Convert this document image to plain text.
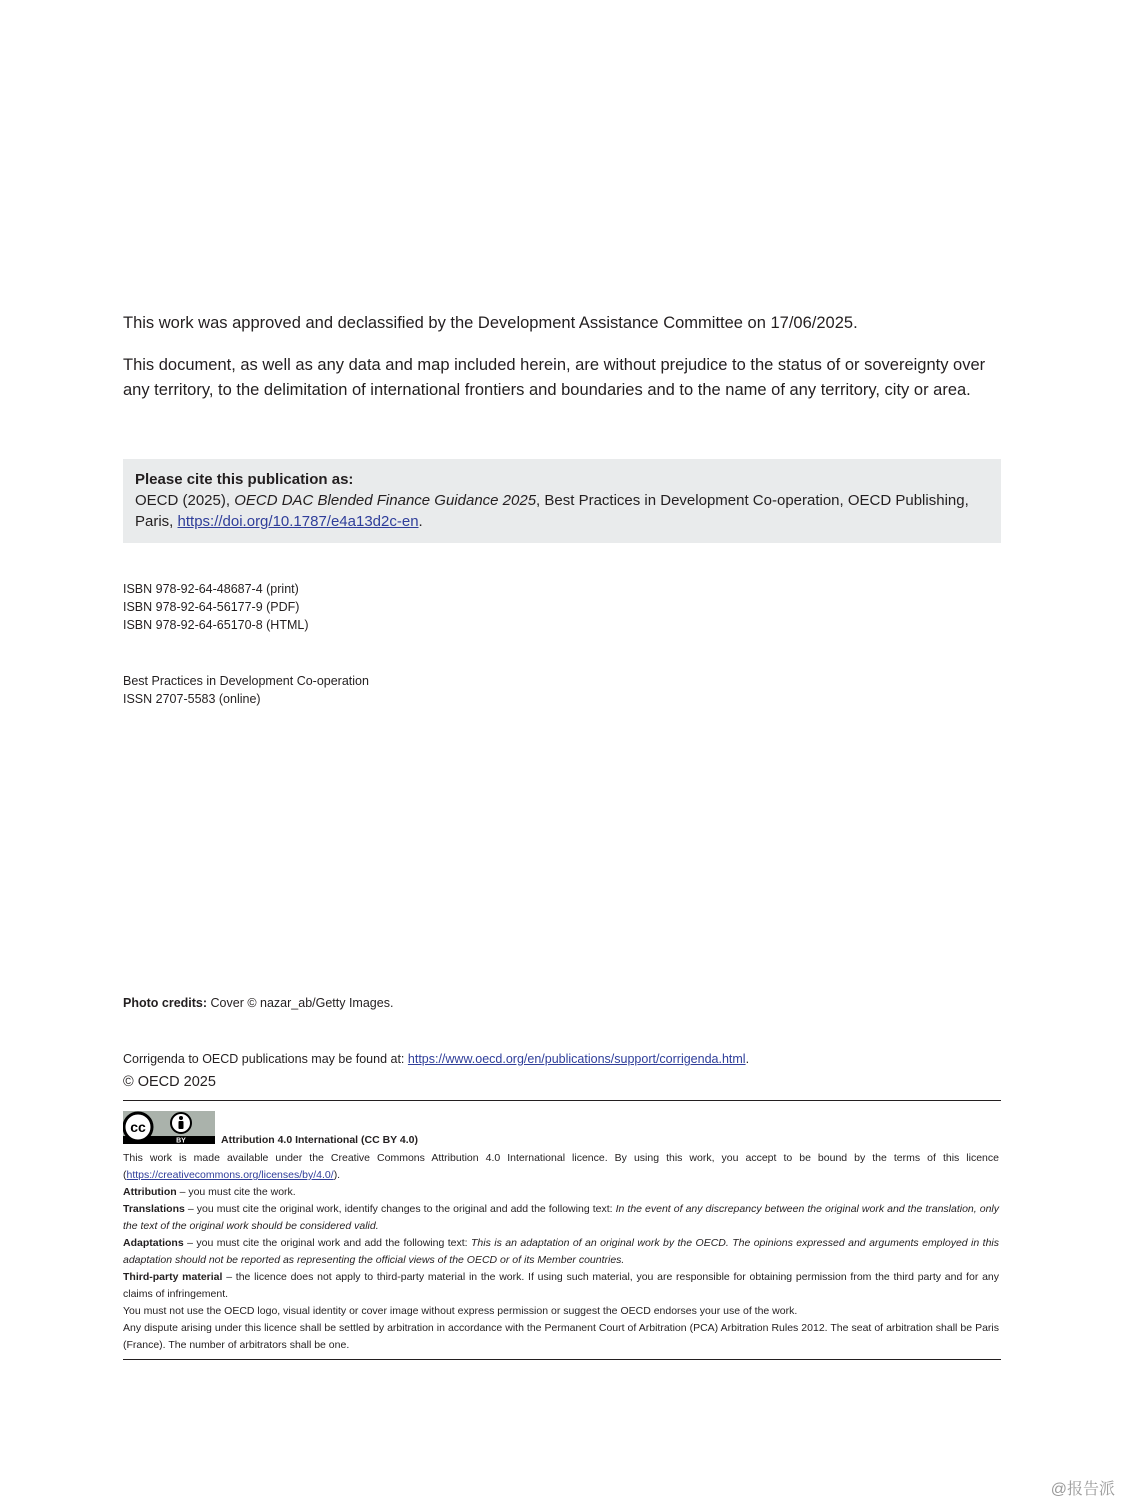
This work was approved and declassified by the Development Assistance Committee on 17/06/2025.
This document, as well as any data and map included herein, are without prejudice to the status of or sovereignty over any territory, to the delimitation of international frontiers and boundaries and to the name of any territory, city or area.
Please cite this publication as:
OECD (2025), OECD DAC Blended Finance Guidance 2025, Best Practices in Development Co-operation, OECD Publishing, Paris, https://doi.org/10.1787/e4a13d2c-en.
ISBN 978-92-64-48687-4 (print)
ISBN 978-92-64-56177-9 (PDF)
ISBN 978-92-64-65170-8 (HTML)
Best Practices in Development Co-operation
ISSN 2707-5583 (online)
Photo credits: Cover © nazar_ab/Getty Images.
Corrigenda to OECD publications may be found at: https://www.oecd.org/en/publications/support/corrigenda.html.
© OECD 2025
cc
BY	Attribution 4.0 International (CC BY 4.0)

This work is made available under the Creative Commons Attribution 4.0 International licence. By using this work, you accept to be bound by the terms of this licence (https://creativecommons.org/licenses/by/4.0/).

Attribution – you must cite the work.

Translations – you must cite the original work, identify changes to the original and add the following text: In the event of any discrepancy between the original work and the translation, only the text of the original work should be considered valid.

Adaptations – you must cite the original work and add the following text: This is an adaptation of an original work by the OECD. The opinions expressed and arguments employed in this adaptation should not be reported as representing the official views of the OECD or of its Member countries.

Third-party material – the licence does not apply to third-party material in the work. If using such material, you are responsible for obtaining permission from the third party and for any claims of infringement.

You must not use the OECD logo, visual identity or cover image without express permission or suggest the OECD endorses your use of the work.

Any dispute arising under this licence shall be settled by arbitration in accordance with the Permanent Court of Arbitration (PCA) Arbitration Rules 2012. The seat of arbitration shall be Paris (France). The number of arbitrators shall be one.

@报告派
